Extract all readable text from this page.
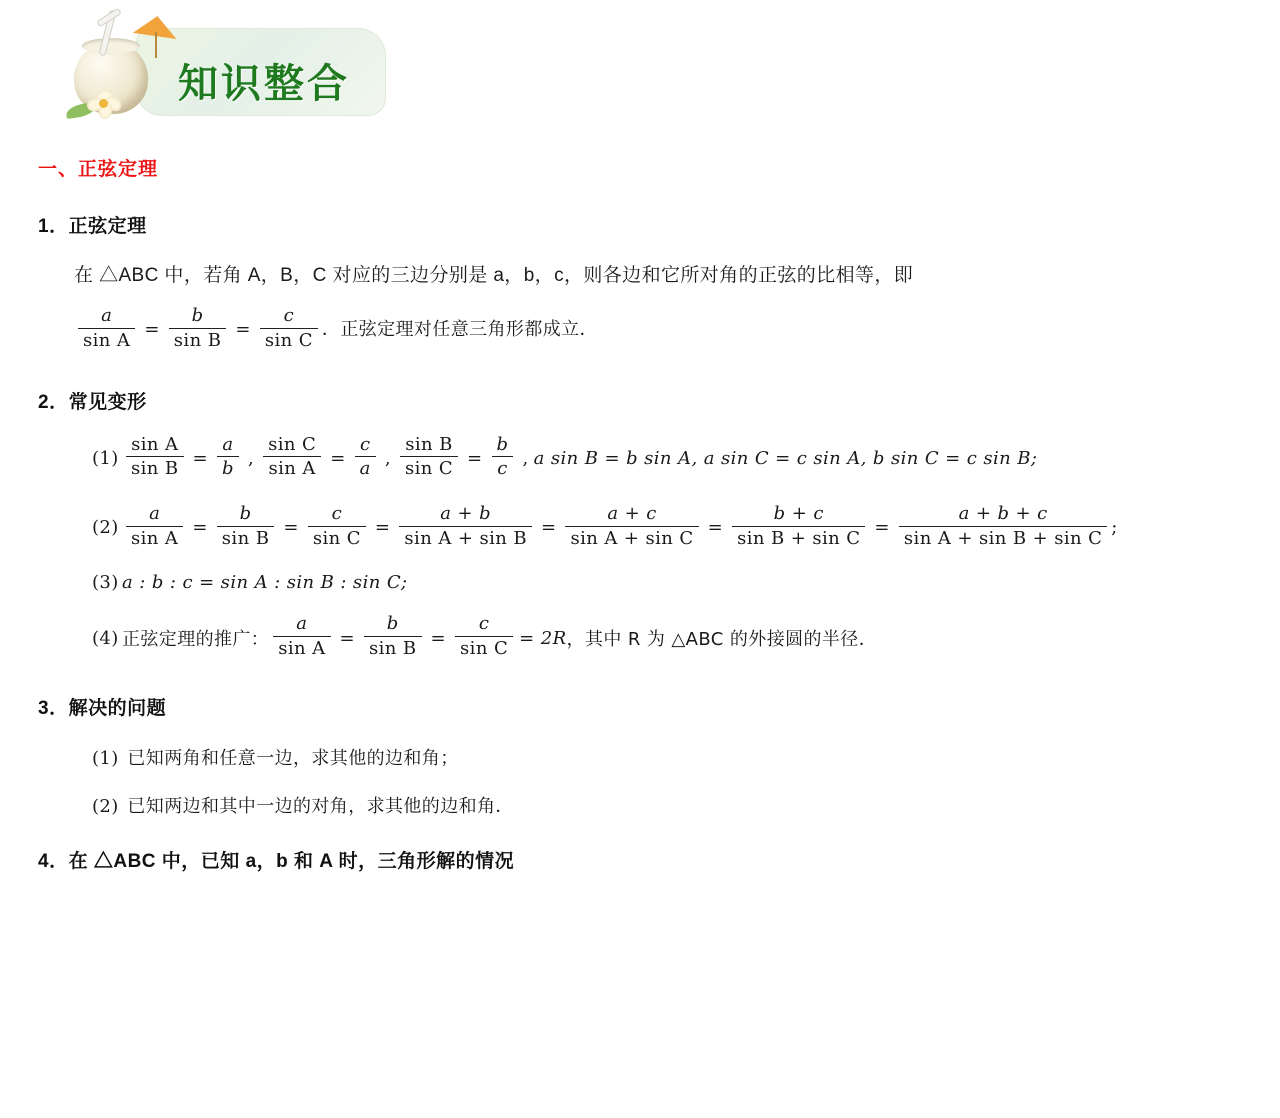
知识整合
一、正弦定理
1．正弦定理
在 △ABC 中，若角 A，B，C 对应的三边分别是 a，b，c，则各边和它所对角的正弦的比相等，即
$\frac{a}{\text{sin A}} = \frac{b}{\text{sin B}} = \frac{c}{\text{sin C}}$ ．正弦定理对任意三角形都成立．
2．常见变形
$(1) \frac{\text{sin A}}{\text{sin B}} = \frac{a}{b}$ , $\frac{\text{sin C}}{\text{sin A}} = \frac{c}{a}$ , $\frac{\text{sin B}}{\text{sin C}} = \frac{b}{c}$ , a sin B = b sin A, a sin C = c sin A, b sin C = c sin B;
$(2) \frac{a}{\text{sin A}} = \frac{b}{\text{sin B}} = \frac{c}{\text{sin C}} = \frac{a + b}{\text{sin A + sin B}} = \frac{a + c}{\text{sin A + sin C}} = \frac{b + c}{\text{sin B + sin C}} = \frac{a + b + c}{\text{sin A + sin B + sin C}}$ ;
(3) a : b : c = sin A : sin B : sin C;
(4) 正弦定理的推广： $\frac{a}{\text{sin A}} = \frac{b}{\text{sin B}} = \frac{c}{\text{sin C}} = 2R$ ，其中 R 为 △ABC 的外接圆的半径．
3．解决的问题
(1) 已知两角和任意一边，求其他的边和角；
(2) 已知两边和其中一边的对角，求其他的边和角．
4．在 △ABC 中，已知 a，b 和 A 时，三角形解的情况
